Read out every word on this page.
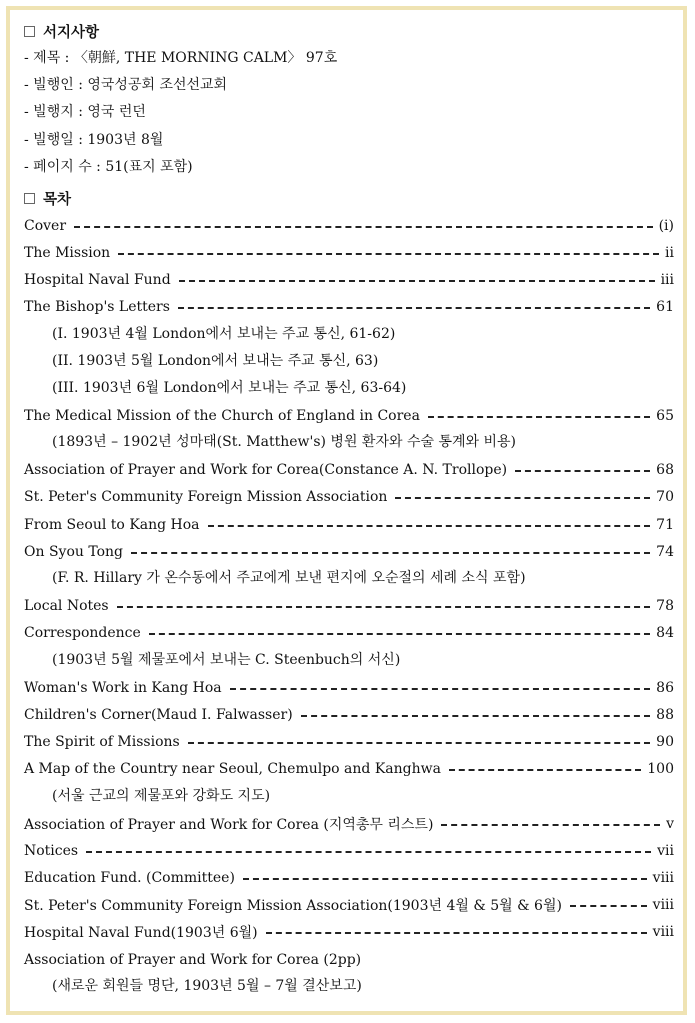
서지사항
- 제목 : 〈朝鮮, THE MORNING CALM〉 97호
- 빌행인 : 영국성공회 조선선교회
- 빌행지 : 영국 런던
- 빌행일 : 1903년 8월
- 페이지 수 : 51(표지 포함)
목차
Cover	(i)
The Mission	ii
Hospital Naval Fund	iii
The Bishop's Letters	61
(I. 1903년 4월 London에서 보내는 주교 통신, 61-62)
(II. 1903년 5월 London에서 보내는 주교 통신, 63)
(III. 1903년 6월 London에서 보내는 주교 통신, 63-64)
The Medical Mission of the Church of England in Corea	65
(1893년 – 1902년 성마태(St. Matthew's) 병원 환자와 수술 통계와 비용)
Association of Prayer and Work for Corea(Constance A. N. Trollope)	68
St. Peter's Community Foreign Mission Association	70
From Seoul to Kang Hoa	71
On Syou Tong	74
(F. R. Hillary 가 온수동에서 주교에게 보낸 편지에 오순절의 세례 소식 포함)
Local Notes	78
Correspondence	84
(1903년 5월 제물포에서 보내는 C. Steenbuch의 서신)
Woman's Work in Kang Hoa	86
Children's Corner(Maud I. Falwasser)	88
The Spirit of Missions	90
A Map of the Country near Seoul, Chemulpo and Kanghwa	100
(서울 근교의 제물포와 강화도 지도)
Association of Prayer and Work for Corea (지역총무 리스트)	v
Notices	vii
Education Fund. (Committee)	viii
St. Peter's Community Foreign Mission Association(1903년 4월 & 5월 & 6월)	viii
Hospital Naval Fund(1903년 6월)	viii
Association of Prayer and Work for Corea (2pp)
(새로운 회원들 명단, 1903년 5월 – 7월 결산보고)
